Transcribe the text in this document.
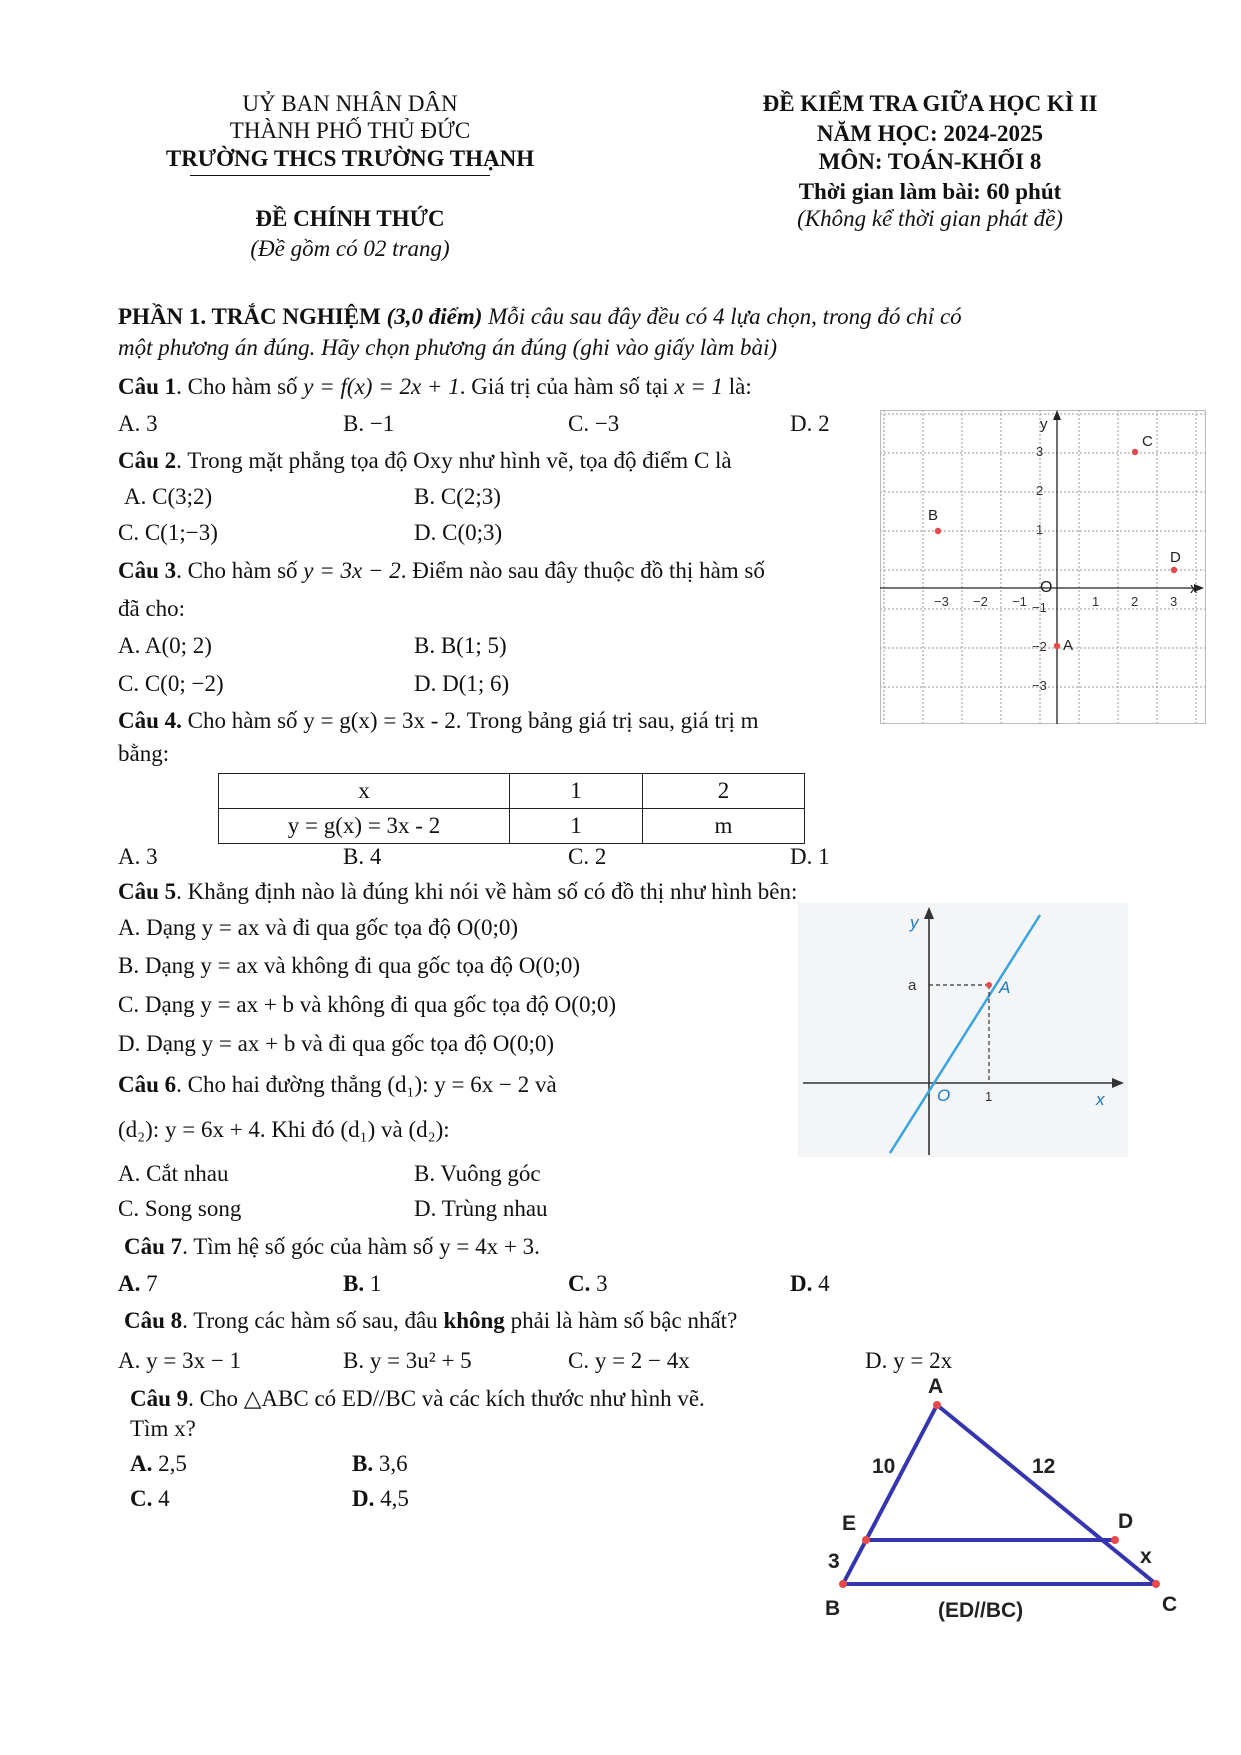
UỶ BAN NHÂN DÂN
THÀNH PHỐ THỦ ĐỨC
TRƯỜNG THCS TRƯỜNG THẠNH
ĐỀ CHÍNH THỨC
(Đề gồm có 02 trang)
ĐỀ KIỂM TRA GIỮA HỌC KÌ II
NĂM HỌC: 2024-2025
MÔN: TOÁN-KHỐI 8
Thời gian làm bài: 60 phút
(Không kể thời gian phát đề)
PHẦN 1. TRẮC NGHIỆM (3,0 điểm) Mỗi câu sau đây đều có 4 lựa chọn, trong đó chỉ có
một phương án đúng. Hãy chọn phương án đúng (ghi vào giấy làm bài)
Câu 1. Cho hàm số y = f(x) = 2x + 1. Giá trị của hàm số tại x = 1 là:
A. 3	B. −1	C. −3	D. 2
Câu 2. Trong mặt phẳng tọa độ Oxy như hình vẽ, tọa độ điểm C là
A. C(3;2)	B. C(2;3)
C. C(1;−3)	D. C(0;3)
Câu 3. Cho hàm số y = 3x − 2. Điểm nào sau đây thuộc đồ thị hàm số
đã cho:
A. A(0; 2)	B. B(1; 5)
C. C(0; −2)	D. D(1; 6)
Câu 4. Cho hàm số y = g(x) = 3x - 2. Trong bảng giá trị sau, giá trị m
bằng:
x	1	2
y = g(x) = 3x - 2	1	m
A. 3	B. 4	C. 2	D. 1
Câu 5. Khẳng định nào là đúng khi nói về hàm số có đồ thị như hình bên:
A. Dạng y = ax và đi qua gốc tọa độ O(0;0)
B. Dạng y = ax và không đi qua gốc tọa độ O(0;0)
C. Dạng y = ax + b và không đi qua gốc tọa độ O(0;0)
D. Dạng y = ax + b và đi qua gốc tọa độ O(0;0)
Câu 6. Cho hai đường thẳng (d₁): y = 6x − 2 và
(d₂): y = 6x + 4. Khi đó (d₁) và (d₂):
A. Cắt nhau	B. Vuông góc
C. Song song	D. Trùng nhau
Câu 7. Tìm hệ số góc của hàm số y = 4x + 3.
A. 7	B. 1	C. 3	D. 4
Câu 8. Trong các hàm số sau, đâu không phải là hàm số bậc nhất?
A. y = 3x − 1	B. y = 3u² + 5	C. y = 2 − 4x	D. y = 2x
Câu 9. Cho △ABC có ED//BC và các kích thước như hình vẽ.
Tìm x?
A. 2,5	B. 3,6
C. 4	D. 4,5
−3 −2 −1	1 2 3
3
2
1
−1
−2
−3
x
y
O
C
B
D
A
A
y
x
O	1
a
A
B	C
D
E
10	12
3	x
(ED//BC)
